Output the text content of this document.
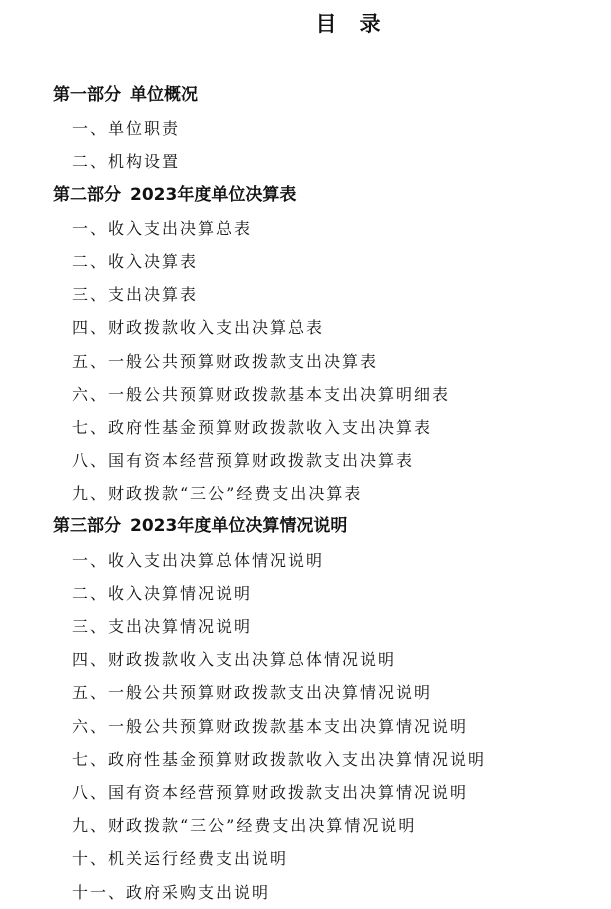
目　录
第一部分 单位概况
一、单位职责
二、机构设置
第二部分 2023年度单位决算表
一、收入支出决算总表
二、收入决算表
三、支出决算表
四、财政拨款收入支出决算总表
五、一般公共预算财政拨款支出决算表
六、一般公共预算财政拨款基本支出决算明细表
七、政府性基金预算财政拨款收入支出决算表
八、国有资本经营预算财政拨款支出决算表
九、财政拨款“三公”经费支出决算表
第三部分 2023年度单位决算情况说明
一、收入支出决算总体情况说明
二、收入决算情况说明
三、支出决算情况说明
四、财政拨款收入支出决算总体情况说明
五、一般公共预算财政拨款支出决算情况说明
六、一般公共预算财政拨款基本支出决算情况说明
七、政府性基金预算财政拨款收入支出决算情况说明
八、国有资本经营预算财政拨款支出决算情况说明
九、财政拨款“三公”经费支出决算情况说明
十、机关运行经费支出说明
十一、政府采购支出说明
